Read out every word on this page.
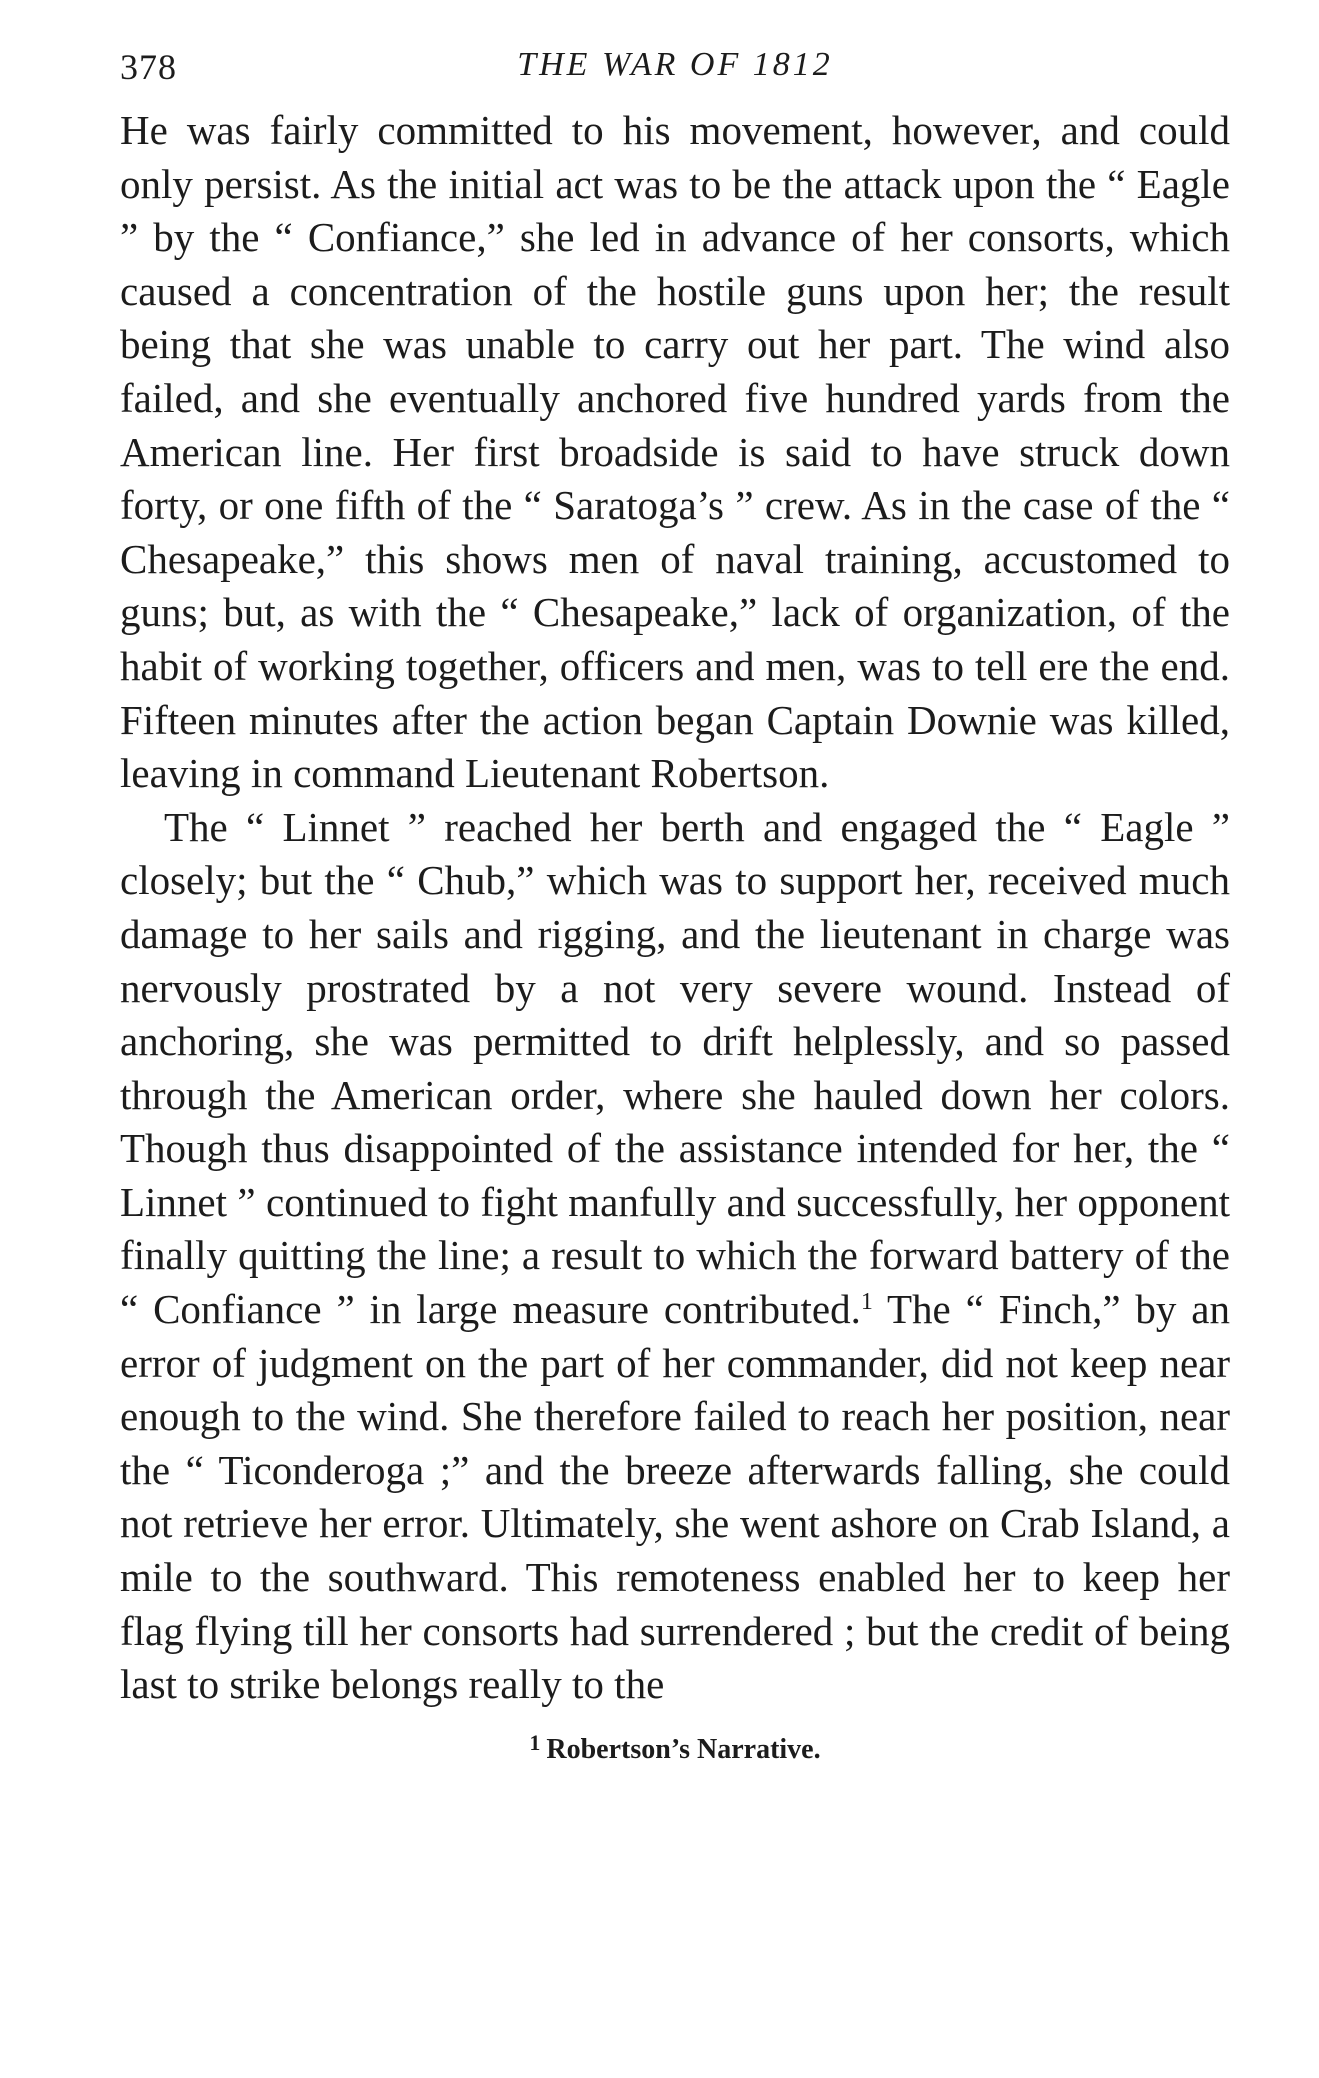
378	THE WAR OF 1812

He was fairly committed to his movement, however, and could only persist. As the initial act was to be the attack upon the “ Eagle ” by the “ Confiance,” she led in advance of her consorts, which caused a concentration of the hostile guns upon her; the result being that she was unable to carry out her part. The wind also failed, and she eventually anchored five hundred yards from the American line. Her first broadside is said to have struck down forty, or one fifth of the “ Saratoga’s ” crew. As in the case of the “ Chesapeake,” this shows men of naval training, accustomed to guns; but, as with the “ Chesapeake,” lack of organization, of the habit of working together, officers and men, was to tell ere the end. Fifteen minutes after the action began Captain Downie was killed, leaving in command Lieutenant Robertson.

The “ Linnet ” reached her berth and engaged the “ Eagle ” closely; but the “ Chub,” which was to support her, received much damage to her sails and rigging, and the lieutenant in charge was nervously prostrated by a not very severe wound. Instead of anchoring, she was permitted to drift helplessly, and so passed through the American order, where she hauled down her colors. Though thus disappointed of the assistance intended for her, the “ Linnet ” continued to fight manfully and successfully, her opponent finally quitting the line; a result to which the forward battery of the “ Confiance ” in large measure contributed.$^1$ The “ Finch,” by an error of judgment on the part of her commander, did not keep near enough to the wind. She therefore failed to reach her position, near the “ Ticonderoga ;” and the breeze afterwards falling, she could not retrieve her error. Ultimately, she went ashore on Crab Island, a mile to the southward. This remoteness enabled her to keep her flag flying till her consorts had surrendered ; but the credit of being last to strike belongs really to the

$^1$ Robertson’s Narrative.
